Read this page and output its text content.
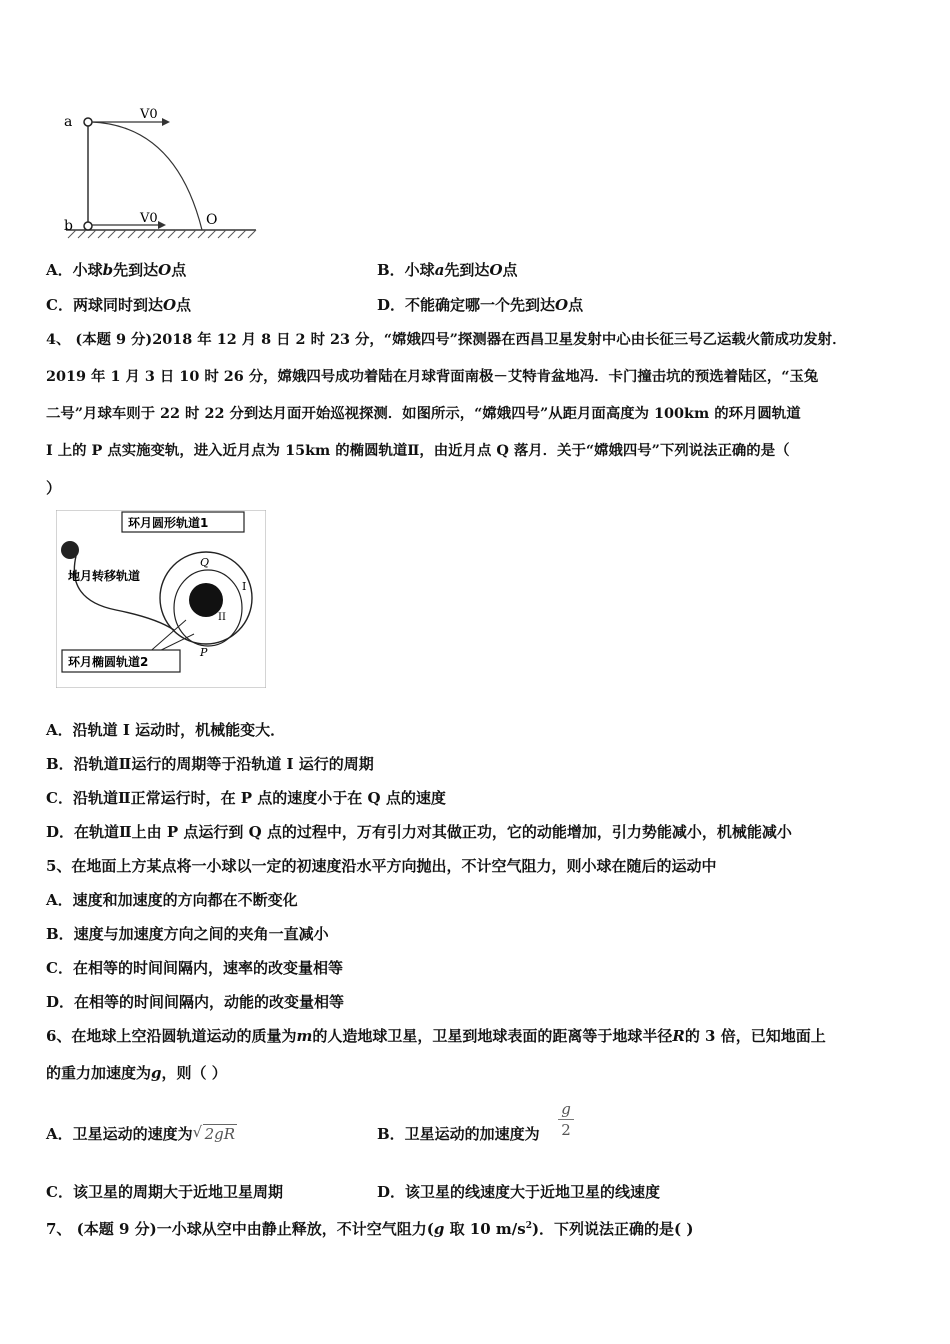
a
b
V0
V0	O
A．小球b先到达O点	B．小球a先到达O点
C．两球同时到达O点	D．不能确定哪一个先到达O点
4、 (本题 9 分)2018 年 12 月 8 日 2 时 23 分，“嫦娥四号”探测器在西昌卫星发射中心由长征三号乙运载火箭成功发射．
2019 年 1 月 3 日 10 时 26 分，嫦娥四号成功着陆在月球背面南极－艾特肯盆地冯．卡门撞击坑的预选着陆区，“玉兔
二号”月球车则于 22 时 22 分到达月面开始巡视探测．如图所示，“嫦娥四号”从距月面高度为 100km 的环月圆轨道
I 上的 P 点实施变轨，进入近月点为 15km 的椭圆轨道Ⅱ，由近月点 Q 落月．关于“嫦娥四号”下列说法正确的是（
）
环月圆形轨道1
地月转移轨道
环月椭圆轨道2
Q
P
I
II
A．沿轨道 I 运动时，机械能变大．
B．沿轨道Ⅱ运行的周期等于沿轨道 I 运行的周期
C．沿轨道Ⅱ正常运行时，在 P 点的速度小于在 Q 点的速度
D．在轨道Ⅱ上由 P 点运行到 Q 点的过程中，万有引力对其做正功，它的动能增加，引力势能减小，机械能减小
5、在地面上方某点将一小球以一定的初速度沿水平方向抛出，不计空气阻力，则小球在随后的运动中
A．速度和加速度的方向都在不断变化
B．速度与加速度方向之间的夹角一直减小
C．在相等的时间间隔内，速率的改变量相等
D．在相等的时间间隔内，动能的改变量相等
6、在地球上空沿圆轨道运动的质量为m的人造地球卫星，卫星到地球表面的距离等于地球半径R的 3 倍，已知地面上
的重力加速度为g，则（ ）
A．卫星运动的速度为 √ 2gR	B．卫星运动的加速度为
g
2
C．该卫星的周期大于近地卫星周期	D．该卫星的线速度大于近地卫星的线速度
7、 (本题 9 分)一小球从空中由静止释放，不计空气阻力(g 取 10 $m/s^2$)．下列说法正确的是( )
